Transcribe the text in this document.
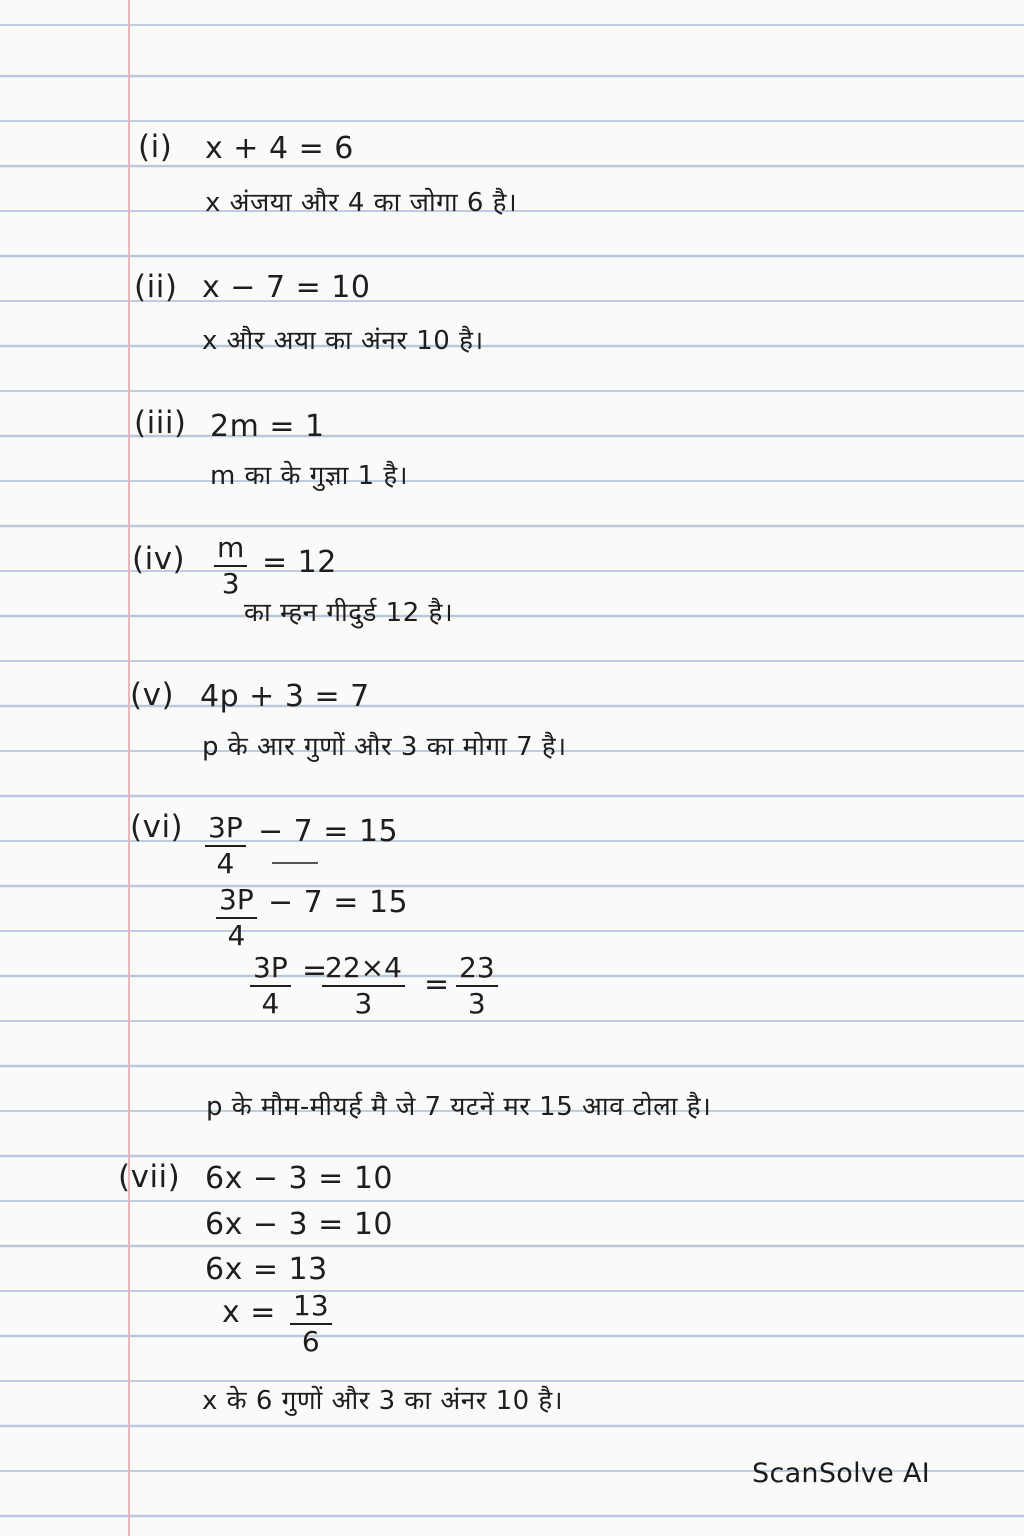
(i) x + 4 = 6
x अंजया और 4 का जोगा 6 है।
(ii) x − 7 = 10
x और अया का अंनर 10 है।
(iii) 2m = 1
m का के गुज्ञा 1 है।
$(iv) \frac{m}{3} = 12$
का म्हन गीदुर्ड 12 है।
(v) 4p + 3 = 7
p के आर गुणों और 3 का मोगा 7 है।
$(vi) \frac{3P}{4} - 7 = 15$
$\frac{3P}{4} - 7 = 15$
$\frac{3P}{4}$ =
$\frac{22\times 4}{3} = \frac{23}{3}$
p के मौम-मीयर्ह मै जे 7 यटनें मर 15 आव टोला है।
(vii) 6x − 3 = 10
6x − 3 = 10
6x = 13
$x = \frac{13}{6}$
x के 6 गुणों और 3 का अंनर 10 है।
ScanSolve AI
